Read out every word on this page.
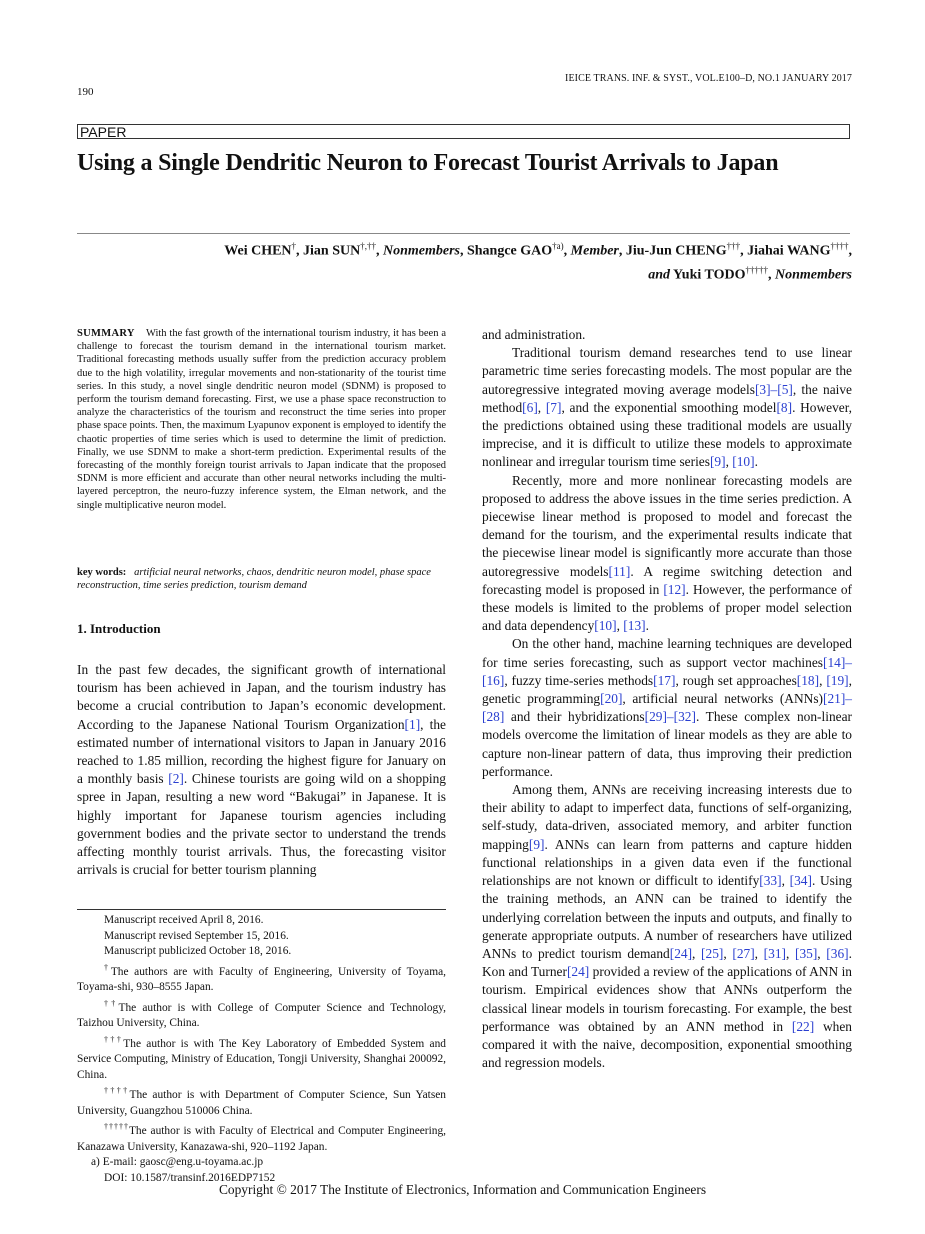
190
IEICE TRANS. INF. & SYST., VOL.E100–D, NO.1 JANUARY 2017
PAPER
Using a Single Dendritic Neuron to Forecast Tourist Arrivals to Japan
Wei CHEN†, Jian SUN†,††, Nonmembers, Shangce GAO$^{\dagger a)}$, Member, Jiu-Jun CHENG†††, Jiahai WANG††††,
and Yuki TODO†††††, Nonmembers
SUMMARY With the fast growth of the international tourism industry, it has been a challenge to forecast the tourism demand in the international tourism market. Traditional forecasting methods usually suffer from the prediction accuracy problem due to the high volatility, irregular movements and non-stationarity of the tourist time series. In this study, a novel single dendritic neuron model (SDNM) is proposed to perform the tourism demand forecasting. First, we use a phase space reconstruction to analyze the characteristics of the tourism and reconstruct the time series into proper phase space points. Then, the maximum Lyapunov exponent is employed to identify the chaotic properties of time series which is used to determine the limit of prediction. Finally, we use SDNM to make a short-term prediction. Experimental results of the forecasting of the monthly foreign tourist arrivals to Japan indicate that the proposed SDNM is more efficient and accurate than other neural networks including the multi-layered perceptron, the neuro-fuzzy inference system, the Elman network, and the single multiplicative neuron model.
key words: artificial neural networks, chaos, dendritic neuron model, phase space reconstruction, time series prediction, tourism demand
1. Introduction
In the past few decades, the significant growth of international tourism has been achieved in Japan, and the tourism industry has become a crucial contribution to Japan’s economic development. According to the Japanese National Tourism Organization[1], the estimated number of international visitors to Japan in January 2016 reached to 1.85 million, recording the highest figure for January on a monthly basis [2]. Chinese tourists are going wild on a shopping spree in Japan, resulting a new word “Bakugai” in Japanese. It is highly important for Japanese tourism agencies including government bodies and the private sector to understand the trends affecting monthly tourist arrivals. Thus, the forecasting visitor arrivals is crucial for better tourism planning
Manuscript received April 8, 2016.
Manuscript revised September 15, 2016.
Manuscript publicized October 18, 2016.
†The authors are with Faculty of Engineering, University of Toyama, Toyama-shi, 930–8555 Japan.
††The author is with College of Computer Science and Technology, Taizhou University, China.
†††The author is with The Key Laboratory of Embedded System and Service Computing, Ministry of Education, Tongji University, Shanghai 200092, China.
††††The author is with Department of Computer Science, Sun Yatsen University, Guangzhou 510006 China.
†††††The author is with Faculty of Electrical and Computer Engineering, Kanazawa University, Kanazawa-shi, 920–1192 Japan.
a) E-mail: gaosc@eng.u-toyama.ac.jp
DOI: 10.1587/transinf.2016EDP7152

and administration.

Traditional tourism demand researches tend to use linear parametric time series forecasting models. The most popular are the autoregressive integrated moving average models[3]–[5], the naive method[6], [7], and the exponential smoothing model[8]. However, the predictions obtained using these traditional models are usually imprecise, and it is difficult to utilize these models to approximate nonlinear and irregular tourism time series[9], [10].

Recently, more and more nonlinear forecasting models are proposed to address the above issues in the time series prediction. A piecewise linear method is proposed to model and forecast the demand for the tourism, and the experimental results indicate that the piecewise linear model is significantly more accurate than those autoregressive models[11]. A regime switching detection and forecasting model is proposed in [12]. However, the performance of these models is limited to the problems of proper model selection and data dependency[10], [13].

On the other hand, machine learning techniques are developed for time series forecasting, such as support vector machines[14]–[16], fuzzy time-series methods[17], rough set approaches[18], [19], genetic programming[20], artificial neural networks (ANNs)[21]–[28] and their hybridizations[29]–[32]. These complex non-linear models overcome the limitation of linear models as they are able to capture non-linear pattern of data, thus improving their prediction performance.

Among them, ANNs are receiving increasing interests due to their ability to adapt to imperfect data, functions of self-organizing, self-study, data-driven, associated memory, and arbiter function mapping[9]. ANNs can learn from patterns and capture hidden functional relationships in a given data even if the functional relationships are not known or difficult to identify[33], [34]. Using the training methods, an ANN can be trained to identify the underlying correlation between the inputs and outputs, and finally to generate appropriate outputs. A number of researchers have utilized ANNs to predict tourism demand[24], [25], [27], [31], [35], [36]. Kon and Turner[24] provided a review of the applications of ANN in tourism. Empirical evidences show that ANNs outperform the classical linear models in tourism forecasting. For example, the best performance was obtained by an ANN method in [22] when compared it with the naive, decomposition, exponential smoothing and regression models.

Copyright © 2017 The Institute of Electronics, Information and Communication Engineers
